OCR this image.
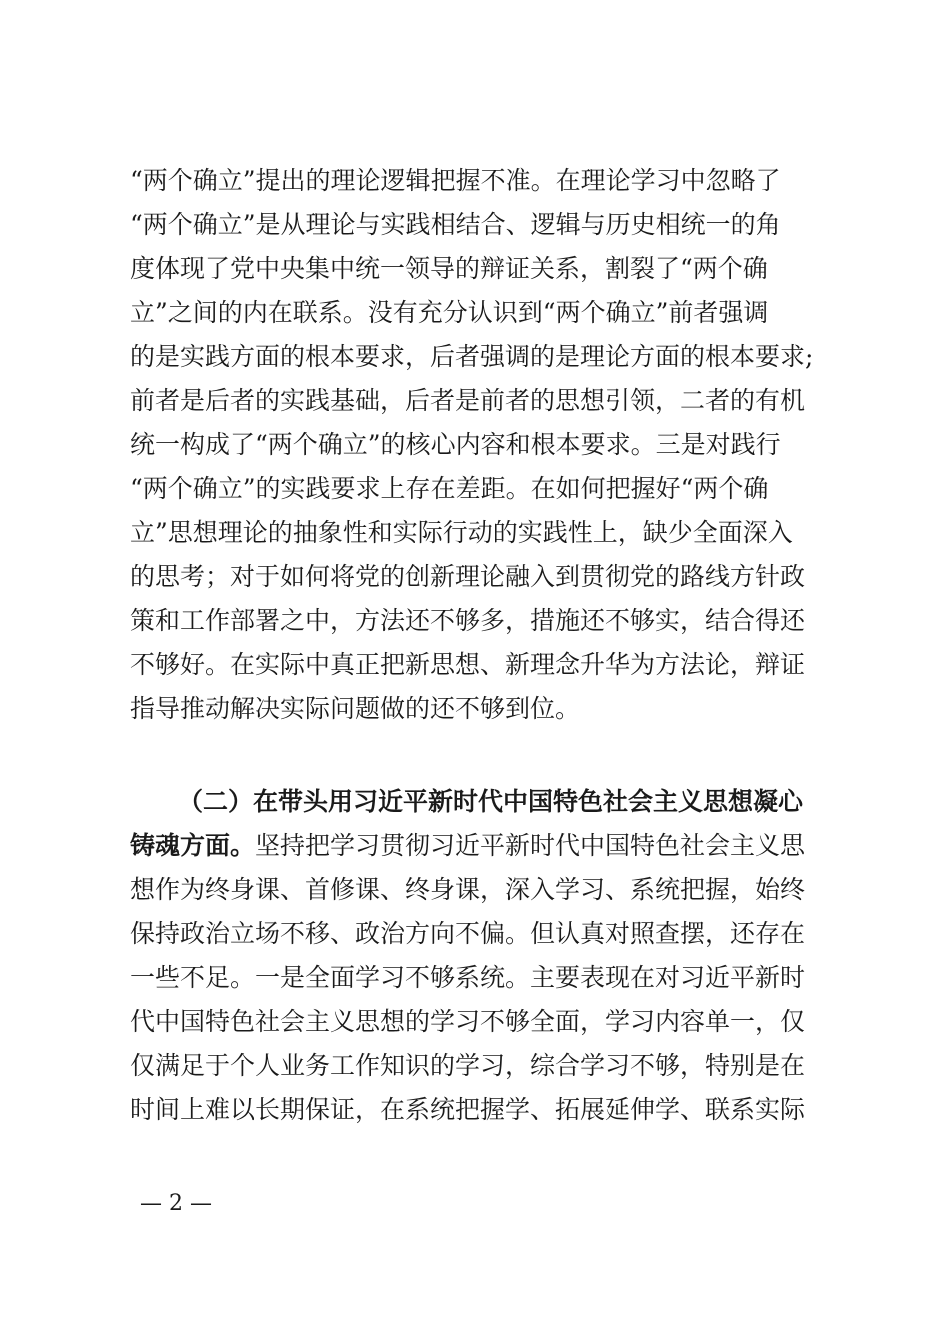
“两个确立”提出的理论逻辑把握不准。在理论学习中忽略了
“两个确立”是从理论与实践相结合、逻辑与历史相统一的角
度体现了党中央集中统一领导的辩证关系，割裂了“两个确
立”之间的内在联系。没有充分认识到“两个确立”前者强调
的是实践方面的根本要求，后者强调的是理论方面的根本要求;
前者是后者的实践基础，后者是前者的思想引领，二者的有机
统一构成了“两个确立”的核心内容和根本要求。三是对践行
“两个确立”的实践要求上存在差距。在如何把握好“两个确
立”思想理论的抽象性和实际行动的实践性上，缺少全面深入
的思考；对于如何将党的创新理论融入到贯彻党的路线方针政
策和工作部署之中，方法还不够多，措施还不够实，结合得还
不够好。在实际中真正把新思想、新理念升华为方法论，辩证
指导推动解决实际问题做的还不够到位。
（二）在带头用习近平新时代中国特色社会主义思想凝心
铸魂方面。坚持把学习贯彻习近平新时代中国特色社会主义思
想作为终身课、首修课、终身课，深入学习、系统把握，始终
保持政治立场不移、政治方向不偏。但认真对照查摆，还存在
一些不足。一是全面学习不够系统。主要表现在对习近平新时
代中国特色社会主义思想的学习不够全面，学习内容单一，仅
仅满足于个人业务工作知识的学习，综合学习不够，特别是在
时间上难以长期保证，在系统把握学、拓展延伸学、联系实际
— 2 —
